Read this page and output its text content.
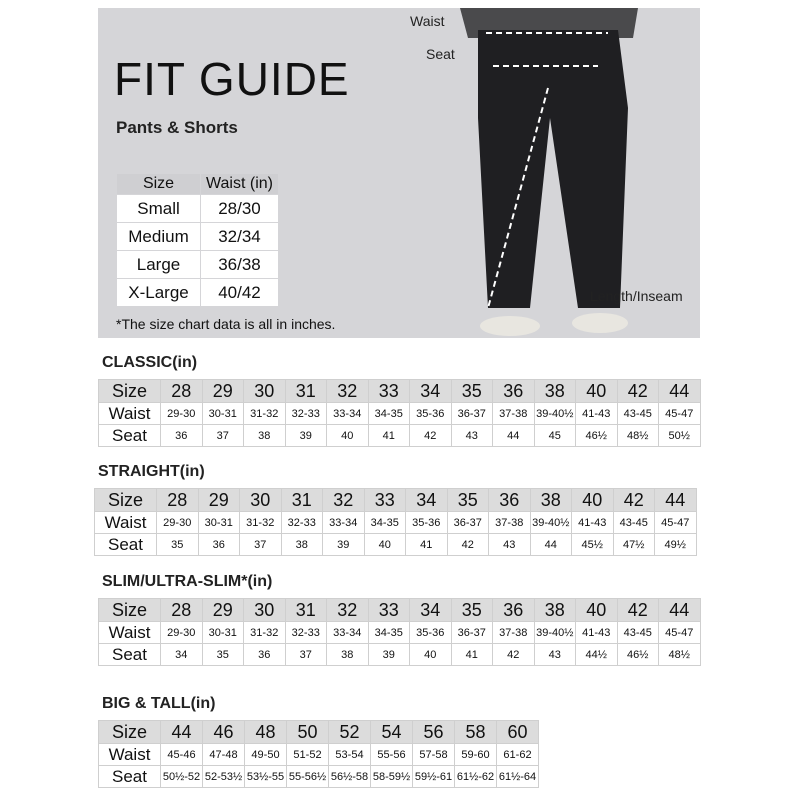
FIT GUIDE
Pants & Shorts
Size	Waist (in)
Small	28/30
Medium	32/34
Large	36/38
X-Large	40/42
*The size chart data is all in inches.
Waist
Seat
Length/Inseam
CLASSIC(in)
Size	28	29	30	31	32	33	34	35	36	38	40	42	44
Waist	29-30	30-31	31-32	32-33	33-34	34-35	35-36	36-37	37-38	39-40½	41-43	43-45	45-47
Seat	36	37	38	39	40	41	42	43	44	45	46½	48½	50½
STRAIGHT(in)
Size	28	29	30	31	32	33	34	35	36	38	40	42	44
Waist	29-30	30-31	31-32	32-33	33-34	34-35	35-36	36-37	37-38	39-40½	41-43	43-45	45-47
Seat	35	36	37	38	39	40	41	42	43	44	45½	47½	49½
SLIM/ULTRA-SLIM*(in)
Size	28	29	30	31	32	33	34	35	36	38	40	42	44
Waist	29-30	30-31	31-32	32-33	33-34	34-35	35-36	36-37	37-38	39-40½	41-43	43-45	45-47
Seat	34	35	36	37	38	39	40	41	42	43	44½	46½	48½
BIG & TALL(in)
Size	44	46	48	50	52	54	56	58	60
Waist	45-46	47-48	49-50	51-52	53-54	55-56	57-58	59-60	61-62
Seat	50½-52	52-53½	53½-55	55-56½	56½-58	58-59½	59½-61	61½-62	61½-64
